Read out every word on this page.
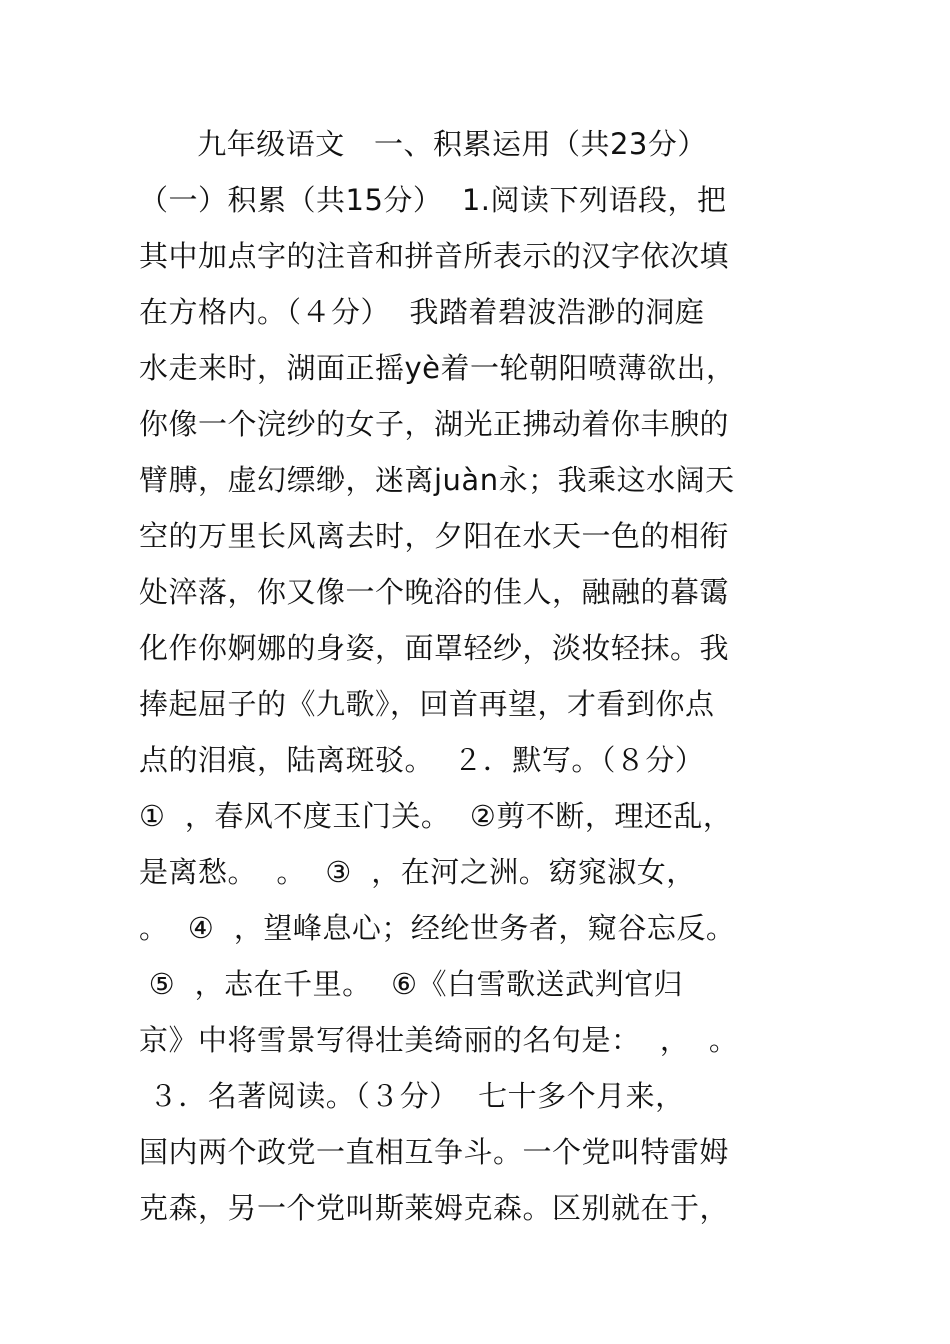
九年级语文   一、积累运用（共23分）
（一）积累（共15分）  1.阅读下列语段，把
其中加点字的注音和拼音所表示的汉字依次填
在方格内。（４分）  我踏着碧波浩渺的洞庭
水走来时，湖面正摇yè着一轮朝阳喷薄欲出，
你像一个浣纱的女子，湖光正拂动着你丰腴的
臂膊，虚幻缥缈，迷离juàn永；我乘这水阔天
空的万里长风离去时，夕阳在水天一色的相衔
处淬落，你又像一个晚浴的佳人，融融的暮霭
化作你婀娜的身姿，面罩轻纱，淡妆轻抹。我
捧起屈子的《九歌》，回首再望，才看到你点
点的泪痕，陆离斑驳。  ２．默写。（８分）
①  ，春风不度玉门关。  ②剪不断，理还乱，
是离愁。  。  ③  ，在河之洲。窈窕淑女，
。  ④  ，望峰息心；经纶世务者，窥谷忘反。
⑤  ，志在千里。  ⑥《白雪歌送武判官归
京》中将雪景写得壮美绮丽的名句是：  ，  。
３．名著阅读。（３分）  七十多个月来，
国内两个政党一直相互争斗。一个党叫特雷姆
克森，另一个党叫斯莱姆克森。区别就在于，
